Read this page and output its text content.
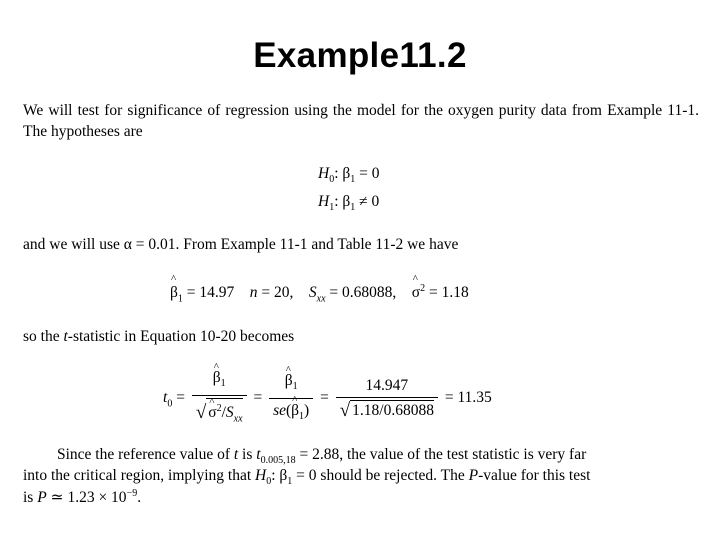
Example11.2
We will test for significance of regression using the model for the oxygen purity data from Example 11-1. The hypotheses are
$H_0$: $\beta_1 = 0$
$H_1$: $\beta_1 \ne 0$
and we will use α = 0.01. From Example 11-1 and Table 11-2 we have
^ $\beta_1 = 14.97$ n = 20,    $S_{xx} = 0.68088$,    ^ $\sigma^2 = 1.18$
so the t-statistic in Equation 10-20 becomes
$t_0$ = ^ $\frac{\beta_1}{√ \^{} \sigma^2/S_{xx}}$ = ^ $\frac{\beta_1}{se(\^{} \beta_1)} = \frac{14.947}{√ 1.18/0.68088} = 11.35$
Since the reference value of t is $t_{0.005,18} = 2.88$, the value of the test statistic is very far
into the critical region, implying that $H_0$: $\beta_1 = 0$ should be rejected. The P-value for this test
is P ≃ $1.23 \times 10^{-9}$.
